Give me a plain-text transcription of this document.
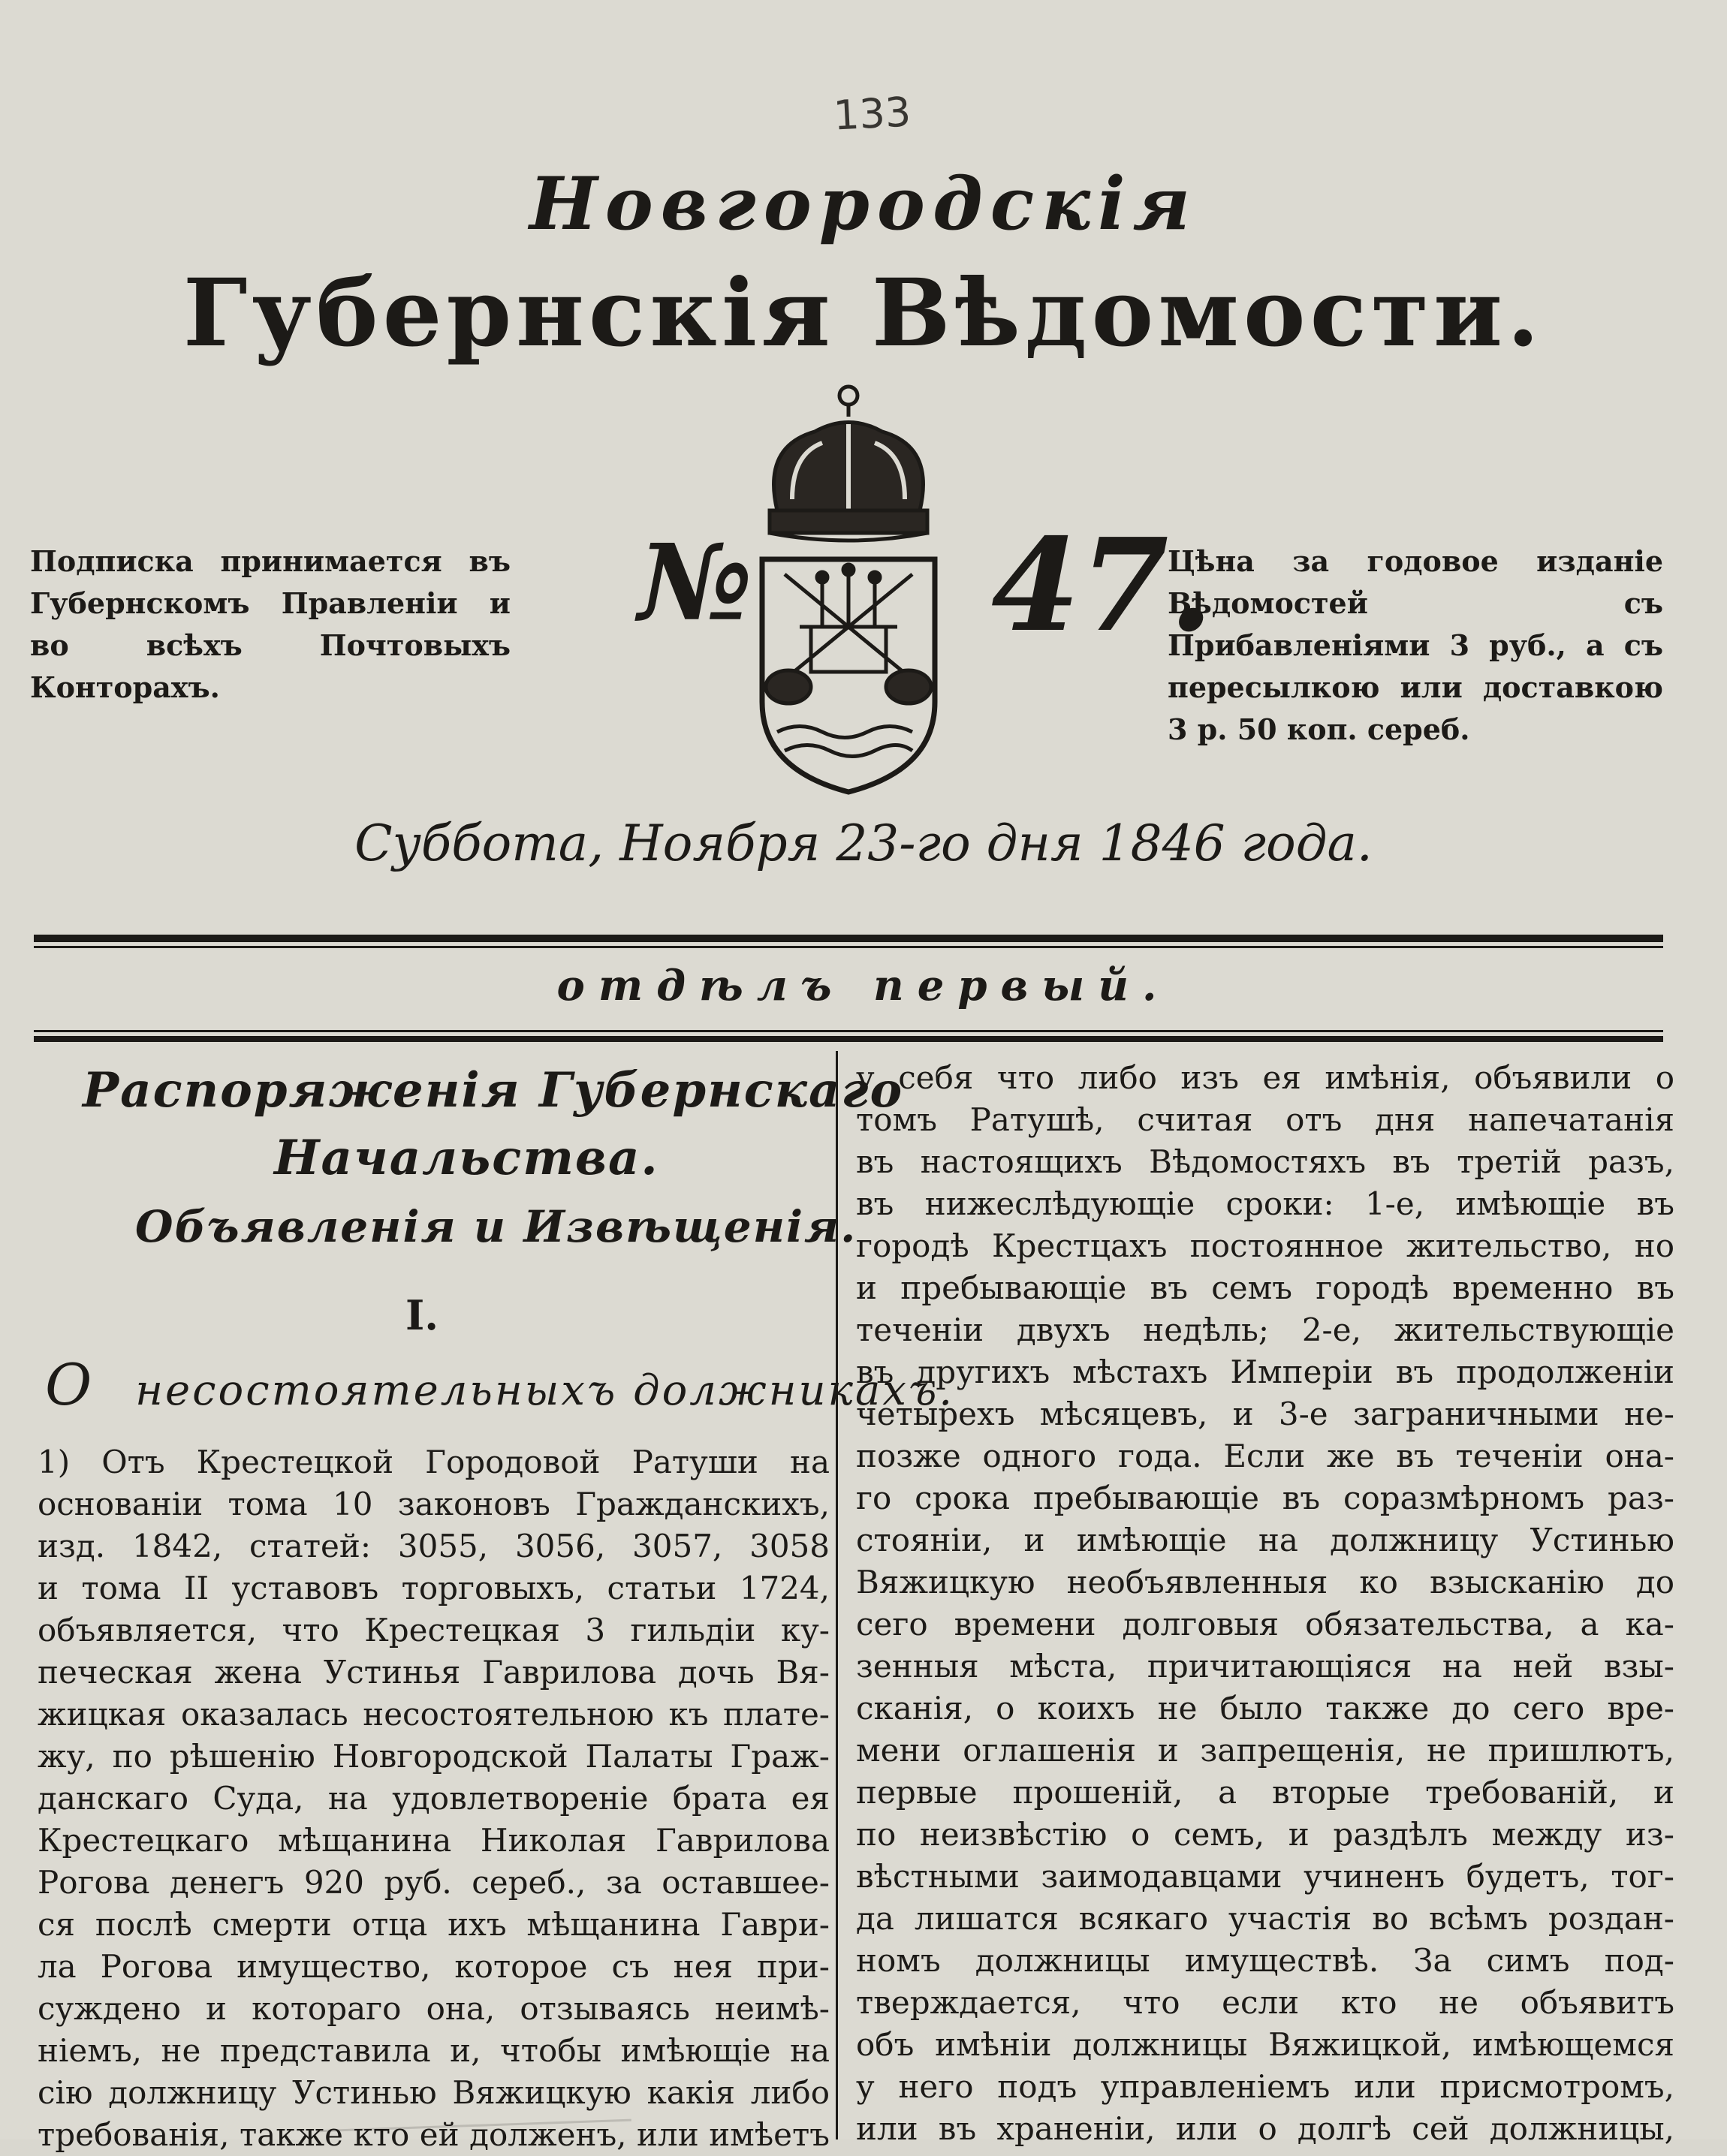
133
Новгородскія
Губернскія Вѣдомости.
Подписка принимается въ Губернскомъ Правленіи и во всѣхъ Почтовыхъ Конторахъ.
№ 47.
Цѣна за годовое изданіе Вѣдомостей съ Прибавленіями 3 руб., а съ пересылкою или доставкою 3 р. 50 коп. сереб.
Суббота, Ноября 23-го дня 1846 года.
отдѣлъ первый.
Распоряженія Губернскаго
Начальства.
Объявленія и Извѣщенія.
I.
О несостоятельныхъ должникахъ.
1) Отъ Крестецкой Городовой Ратуши на
основаніи тома 10 законовъ Гражданскихъ,
изд. 1842, статей: 3055, 3056, 3057, 3058
и тома II уставовъ торговыхъ, статьи 1724,
объявляется, что Крестецкая 3 гильдіи ку-
печеская жена Устинья Гаврилова дочь Вя-
жицкая оказалась несостоятельною къ плате-
жу, по рѣшенію Новгородской Палаты Граж-
данскаго Суда, на удовлетвореніе брата ея
Крестецкаго мѣщанина Николая Гаврилова
Рогова денегъ 920 руб. сереб., за оставшее-
ся послѣ смерти отца ихъ мѣщанина Гаври-
ла Рогова имущество, которое съ нея при-
суждено и котораго она, отзываясь неимѣ-
ніемъ, не представила и, чтобы имѣющіе на
сію должницу Устинью Вяжицкую какія либо
требованія, также кто ей долженъ, или имѣетъ
у себя что либо изъ ея имѣнія, объявили о
томъ Ратушѣ, считая отъ дня напечатанія
въ настоящихъ Вѣдомостяхъ въ третій разъ,
въ нижеслѣдующіе сроки: 1-е, имѣющіе въ
городѣ Крестцахъ постоянное жительство, но
и пребывающіе въ семъ городѣ временно въ
теченіи двухъ недѣль; 2-е, жительствующіе
въ другихъ мѣстахъ Имперіи въ продолженіи
четырехъ мѣсяцевъ, и 3-е заграничными не-
позже одного года. Если же въ теченіи она-
го срока пребывающіе въ соразмѣрномъ раз-
стояніи, и имѣющіе на должницу Устинью
Вяжицкую необъявленныя ко взысканію до
сего времени долговыя обязательства, а ка-
зенныя мѣста, причитающіяся на ней взы-
сканія, о коихъ не было также до сего вре-
мени оглашенія и запрещенія, не пришлютъ,
первые прошеній, а вторые требованій, и
по неизвѣстію о семъ, и раздѣлъ между из-
вѣстными заимодавцами учиненъ будетъ, тог-
да лишатся всякаго участія во всѣмъ роздан-
номъ должницы имуществѣ. За симъ под-
тверждается, что если кто не объявитъ
объ имѣніи должницы Вяжицкой, имѣющемся
у него подъ управленіемъ или присмотромъ,
или въ храненіи, или о долгѣ сей должницы,
